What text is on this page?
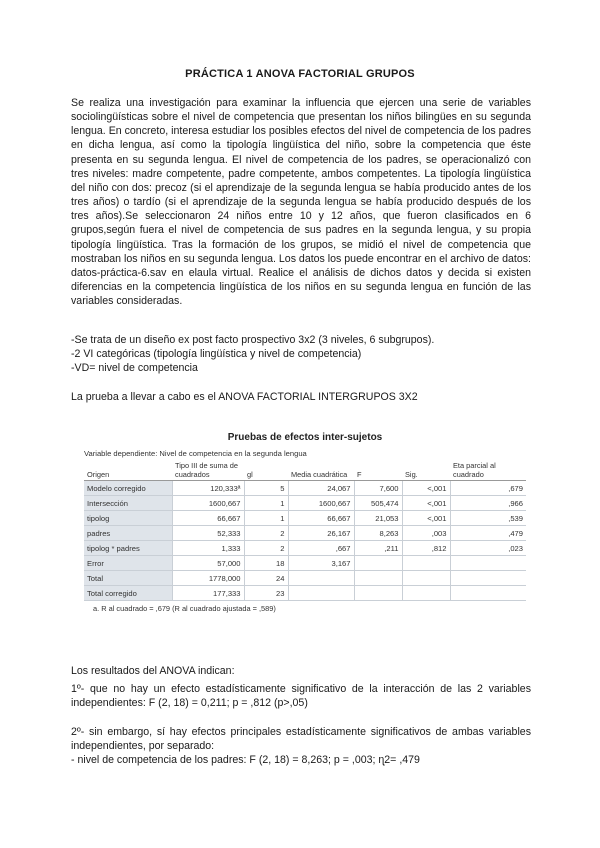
PRÁCTICA 1 ANOVA FACTORIAL GRUPOS
Se realiza una investigación para examinar la influencia que ejercen una serie de variables sociolingüísticas sobre el nivel de competencia que presentan los niños bilingües en su segunda lengua. En concreto, interesa estudiar los posibles efectos del nivel de competencia de los padres en dicha lengua, así como la tipología lingüística del niño, sobre la competencia que éste presenta en su segunda lengua. El nivel de competencia de los padres, se operacionalizó con tres niveles: madre competente, padre competente, ambos competentes. La tipología lingüística del niño con dos: precoz (si el aprendizaje de la segunda lengua se había producido antes de los tres años) o tardío (si el aprendizaje de la segunda lengua se había producido después de los tres años).Se seleccionaron 24 niños entre 10 y 12 años, que fueron clasificados en 6 grupos,según fuera el nivel de competencia de sus padres en la segunda lengua, y su propia tipología lingüística. Tras la formación de los grupos, se midió el nivel de competencia que mostraban los niños en su segunda lengua. Los datos los puede encontrar en el archivo de datos: datos-práctica-6.sav en elaula virtual. Realice el análisis de dichos datos y decida si existen diferencias en la competencia lingüística de los niños en su segunda lengua en función de las variables consideradas.
-Se trata de un diseño ex post facto prospectivo 3x2 (3 niveles, 6 subgrupos).
-2 VI categóricas (tipología lingüística y nivel de competencia)
-VD= nivel de competencia
La prueba a llevar a cabo es el ANOVA FACTORIAL INTERGRUPOS 3X2
Pruebas de efectos inter-sujetos
Variable dependiente: Nivel de competencia en la segunda lengua
Origen	Tipo III de suma de cuadrados	gl	Media cuadrática	F	Sig.	Eta parcial al cuadrado
Modelo corregido	120,333ª	5	24,067	7,600	<,001	,679
Intersección	1600,667	1	1600,667	505,474	<,001	,966
tipolog	66,667	1	66,667	21,053	<,001	,539
padres	52,333	2	26,167	8,263	,003	,479
tipolog * padres	1,333	2	,667	,211	,812	,023
Error	57,000	18	3,167			
Total	1778,000	24				
Total corregido	177,333	23				
a. R al cuadrado = ,679 (R al cuadrado ajustada = ,589)
Los resultados del ANOVA indican:
1º- que no hay un efecto estadísticamente significativo de la interacción de las 2 variables independientes: F (2, 18) = 0,211; p = ,812 (p>,05)
2º- sin embargo, sí hay efectos principales estadísticamente significativos de ambas variables independientes, por separado:
- nivel de competencia de los padres: F (2, 18) = 8,263; p = ,003; ɳ2= ,479
